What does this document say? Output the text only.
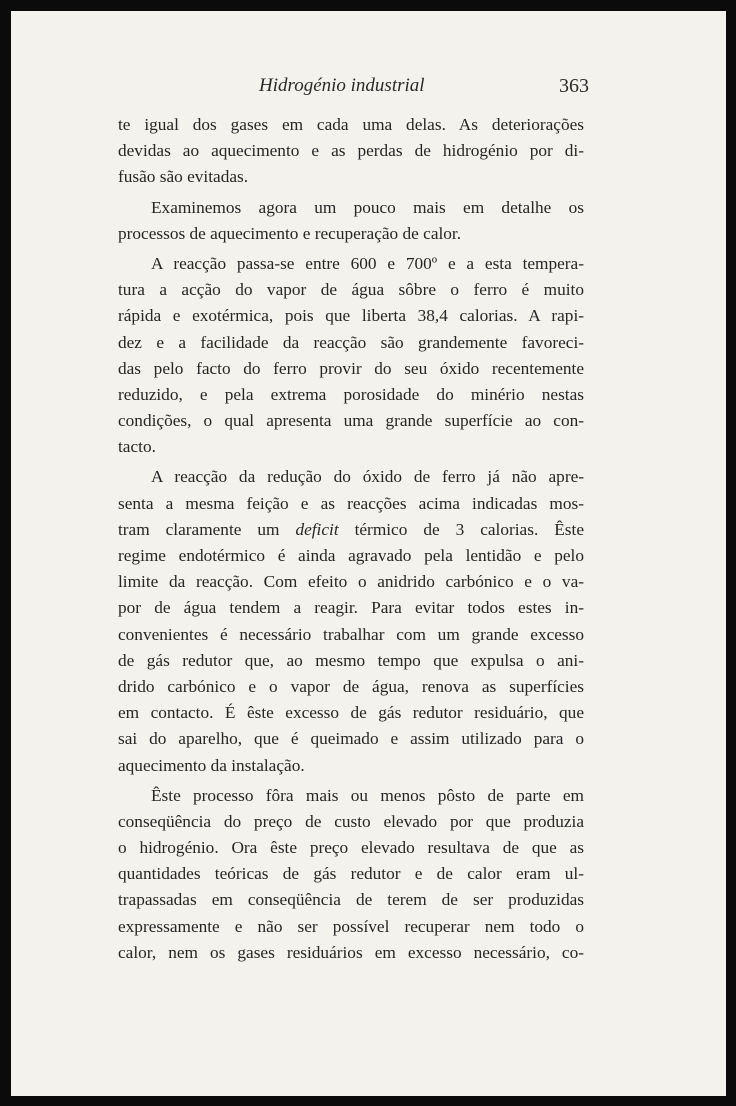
Hidrogénio industrial	363
te igual dos gases em cada uma delas. As deteriorações
devidas ao aquecimento e as perdas de hidrogénio por di-
fusão são evitadas.
Examinemos agora um pouco mais em detalhe os
processos de aquecimento e recuperação de calor.
A reacção passa-se entre 600 e 700º e a esta tempera-
tura a acção do vapor de água sôbre o ferro é muito
rápida e exotérmica, pois que liberta 38,4 calorias. A rapi-
dez e a facilidade da reacção são grandemente favoreci-
das pelo facto do ferro provir do seu óxido recentemente
reduzido, e pela extrema porosidade do minério nestas
condições, o qual apresenta uma grande superfície ao con-
tacto.
A reacção da redução do óxido de ferro já não apre-
senta a mesma feição e as reacções acima indicadas mos-
tram claramente um deficit térmico de 3 calorias. Êste
regime endotérmico é ainda agravado pela lentidão e pelo
limite da reacção. Com efeito o anidrido carbónico e o va-
por de água tendem a reagir. Para evitar todos estes in-
convenientes é necessário trabalhar com um grande excesso
de gás redutor que, ao mesmo tempo que expulsa o ani-
drido carbónico e o vapor de água, renova as superfícies
em contacto. É êste excesso de gás redutor residuário, que
sai do aparelho, que é queimado e assim utilizado para o
aquecimento da instalação.
Êste processo fôra mais ou menos pôsto de parte em
conseqüência do preço de custo elevado por que produzia
o hidrogénio. Ora êste preço elevado resultava de que as
quantidades teóricas de gás redutor e de calor eram ul-
trapassadas em conseqüência de terem de ser produzidas
expressamente e não ser possível recuperar nem todo o
calor, nem os gases residuários em excesso necessário, co-
